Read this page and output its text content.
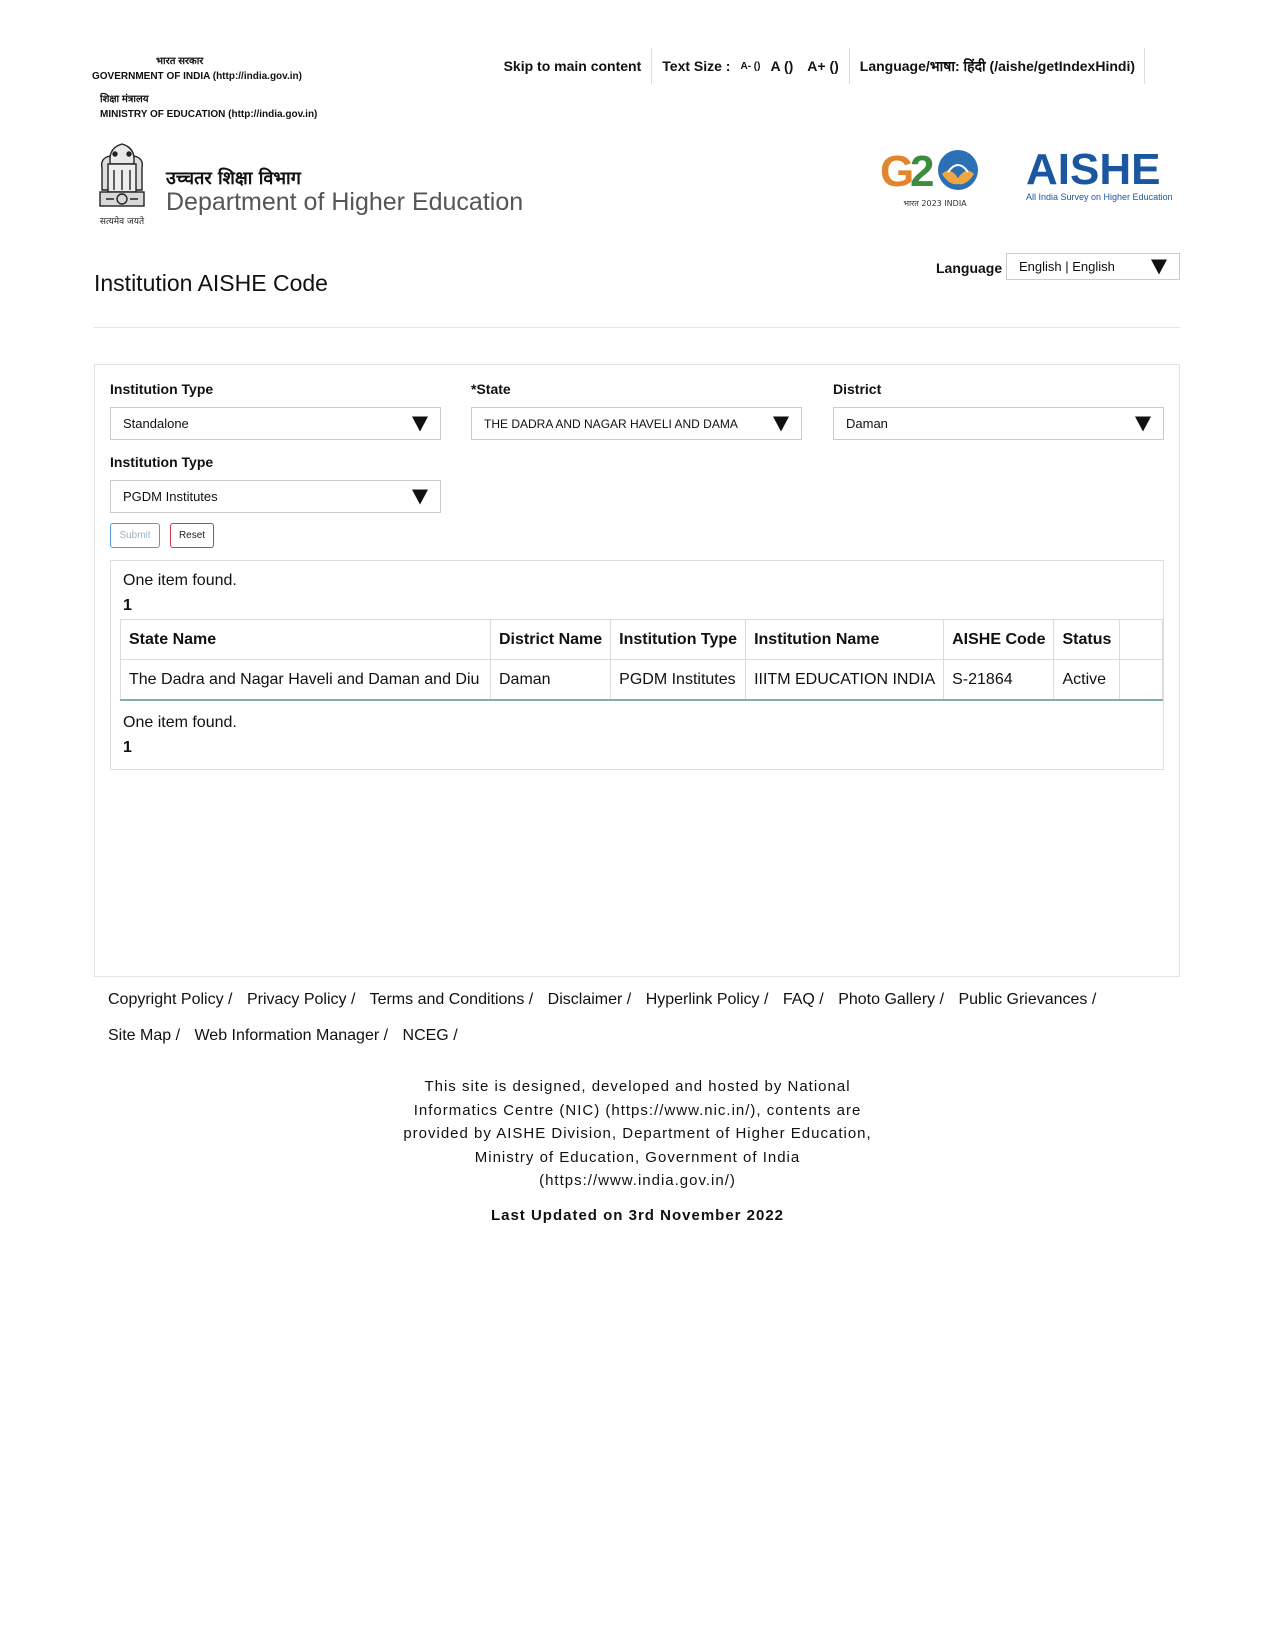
भारत सरकार
GOVERNMENT OF INDIA (http://india.gov.in)
शिक्षा मंत्रालय
MINISTRY OF EDUCATION (http://india.gov.in)
Skip to main content Text Size : A- () A () A+ () Language/भाषा: हिंदी (/aishe/getIndexHindi)
सत्यमेव जयते
उच्चतर शिक्षा विभाग
Department of Higher Education
G
2
भारत 2023 INDIA
AISHE
All India Survey on Higher Education
Language English | English
Institution AISHE Code
Institution Type
Standalone
*State
THE DADRA AND NAGAR HAVELI AND DAMA
District
Daman
Institution Type
PGDM Institutes
Submit	Reset
One item found.
1
State Name	District Name	Institution Type	Institution Name	AISHE Code	Status	
The Dadra and Nagar Haveli and Daman and Diu	Daman	PGDM Institutes	IIITM EDUCATION INDIA	S-21864	Active	
One item found.
1
Copyright Policy / Privacy Policy / Terms and Conditions / Disclaimer / Hyperlink Policy / FAQ / Photo Gallery / Public Grievances /
Site Map / Web Information Manager / NCEG /
This site is designed, developed and hosted by National
Informatics Centre (NIC) (https://www.nic.in/), contents are
provided by AISHE Division, Department of Higher Education,
Ministry of Education, Government of India
(https://www.india.gov.in/)
Last Updated on 3rd November 2022
